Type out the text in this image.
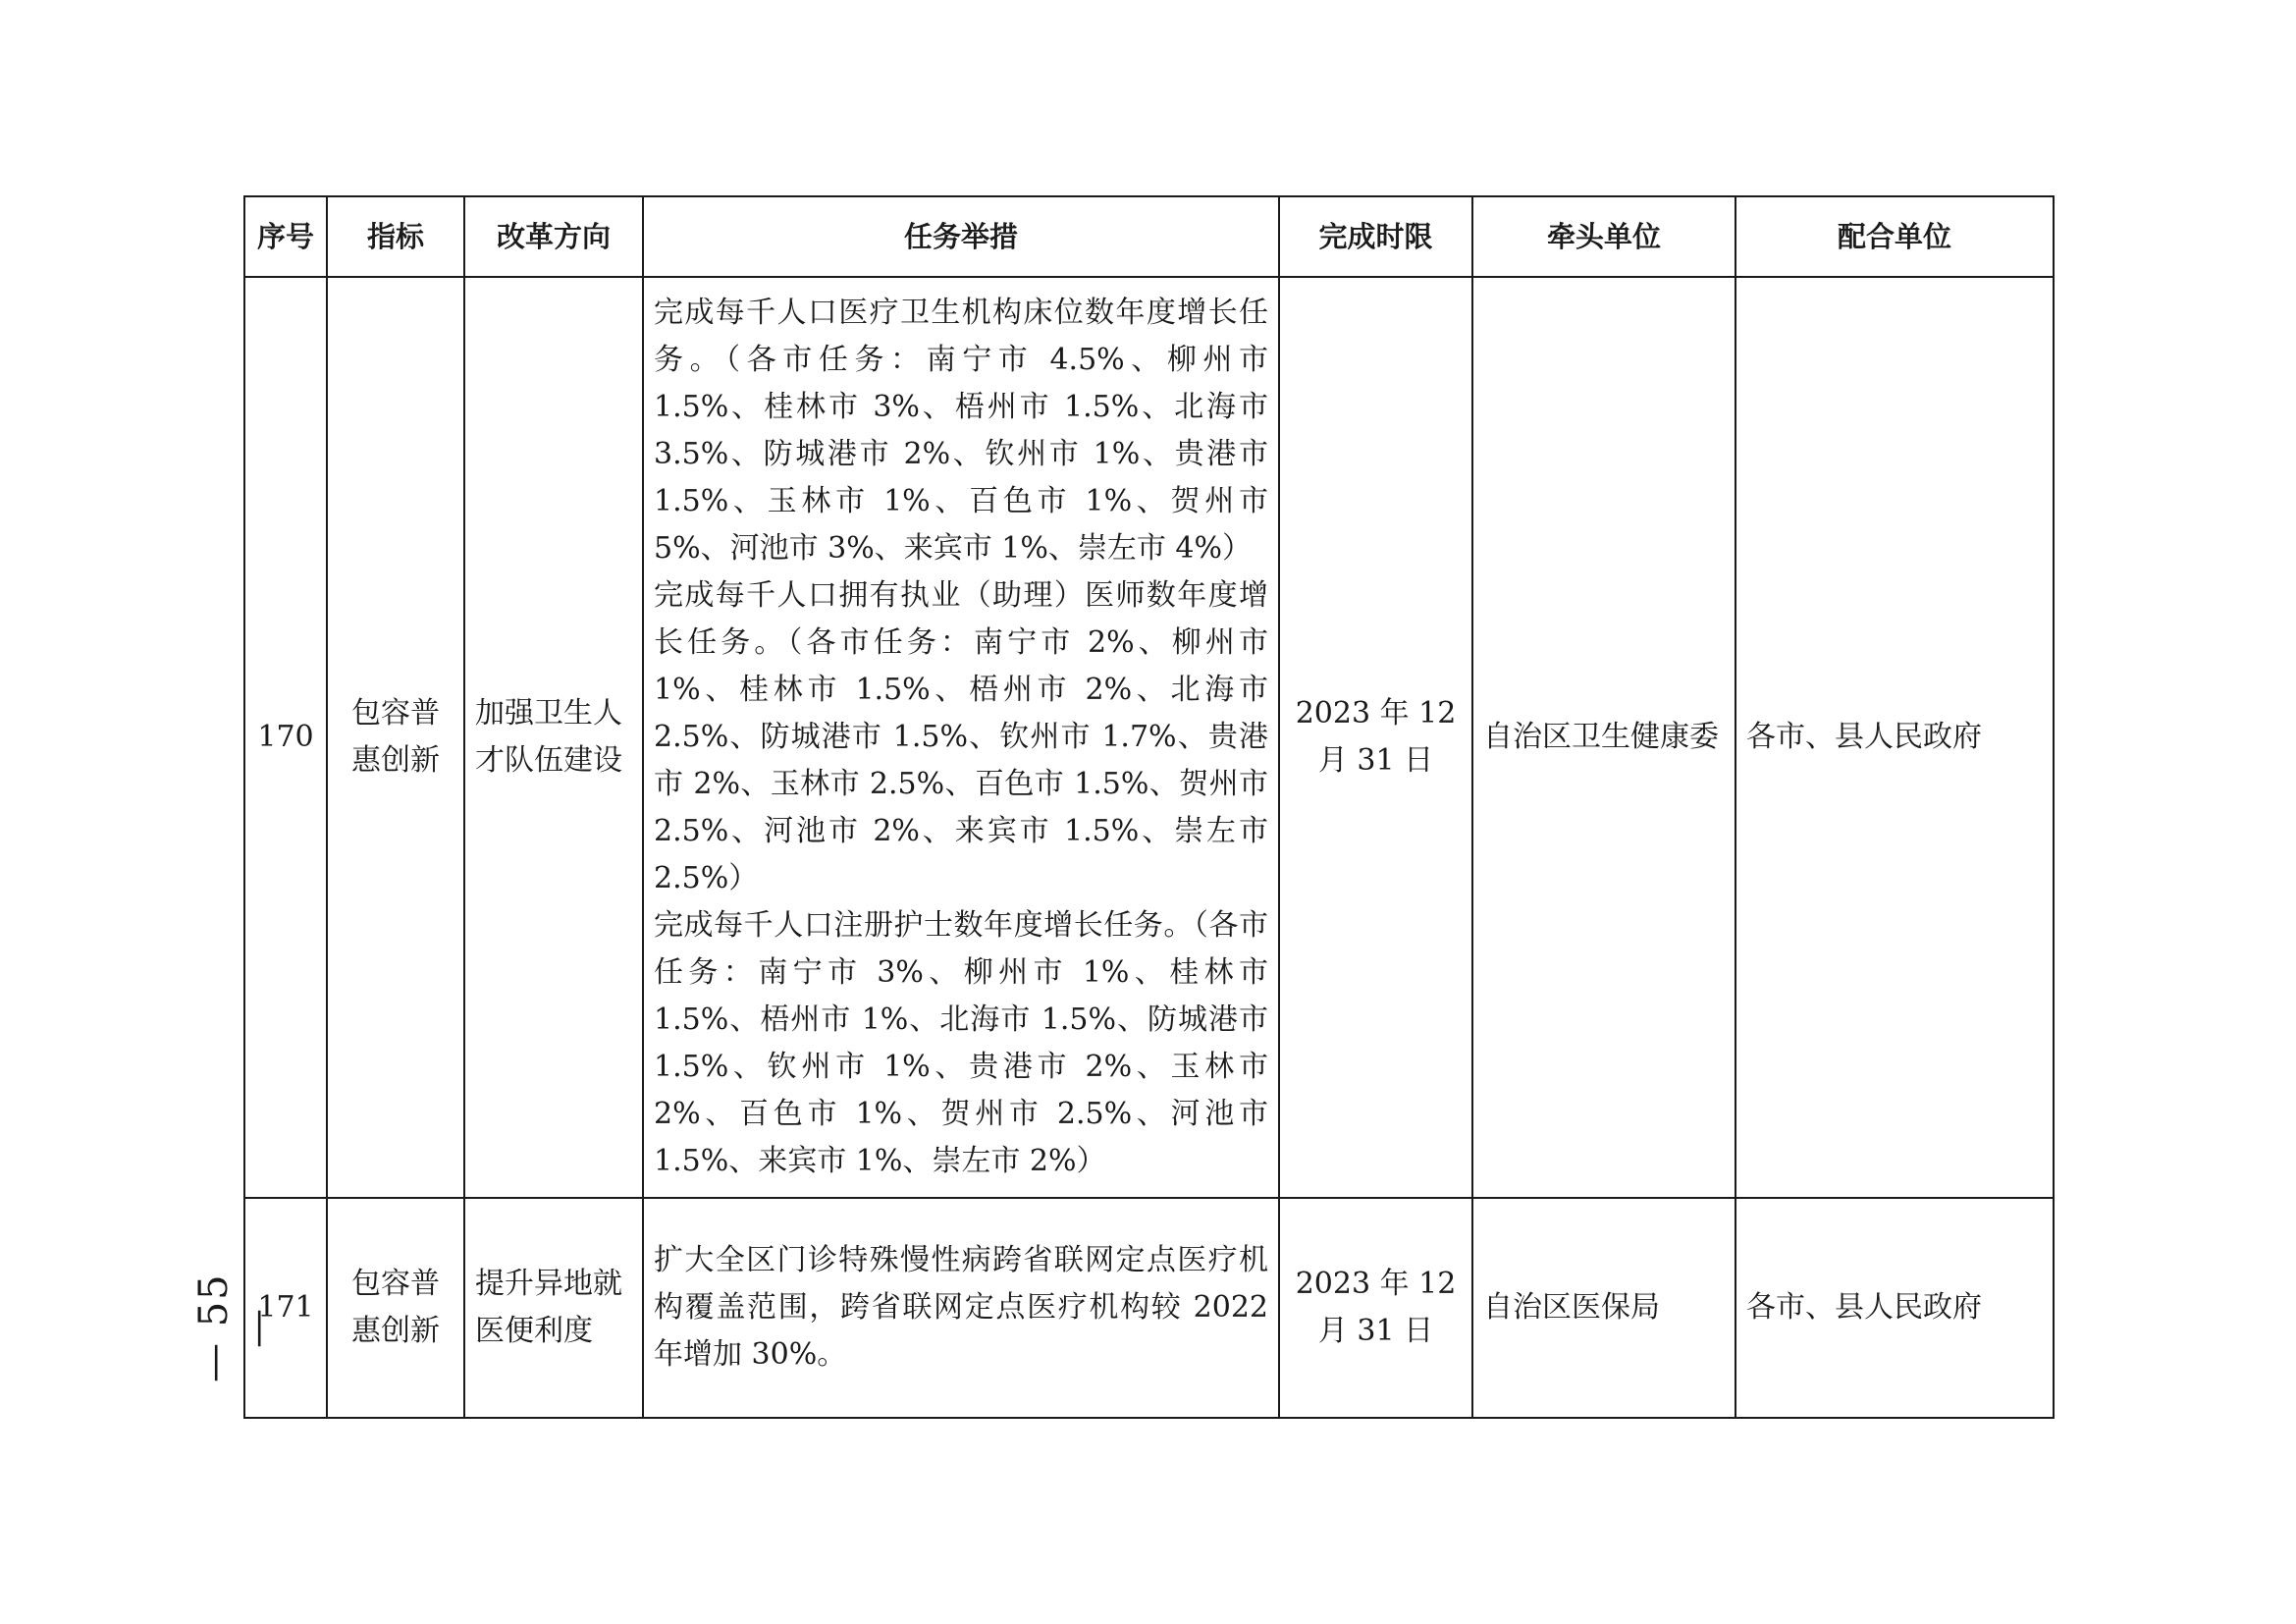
序号	指标	改革方向	任务举措	完成时限	牵头单位	配合单位
170	包容普惠创新	加强卫生人才队伍建设	完成每千人口医疗卫生机构床位数年度增长任务。（各市任务：南宁市 4.5%、柳州市 1.5%、桂林市 3%、梧州市 1.5%、北海市 3.5%、防城港市 2%、钦州市 1%、贵港市 1.5%、玉林市 1%、百色市 1%、贺州市 5%、河池市 3%、来宾市 1%、崇左市 4%）
完成每千人口拥有执业（助理）医师数年度增长任务。（各市任务：南宁市 2%、柳州市 1%、桂林市 1.5%、梧州市 2%、北海市 2.5%、防城港市 1.5%、钦州市 1.7%、贵港市 2%、玉林市 2.5%、百色市 1.5%、贺州市 2.5%、河池市 2%、来宾市 1.5%、崇左市 2.5%）
完成每千人口注册护士数年度增长任务。（各市任务：南宁市 3%、柳州市 1%、桂林市 1.5%、梧州市 1%、北海市 1.5%、防城港市 1.5%、钦州市 1%、贵港市 2%、玉林市 2%、百色市 1%、贺州市 2.5%、河池市 1.5%、来宾市 1%、崇左市 2%）	2023 年 12 月 31 日	自治区卫生健康委	各市、县人民政府
171	包容普惠创新	提升异地就医便利度	扩大全区门诊特殊慢性病跨省联网定点医疗机构覆盖范围，跨省联网定点医疗机构较 2022 年增加 30%。	2023 年 12 月 31 日	自治区医保局	各市、县人民政府
— 55 —
